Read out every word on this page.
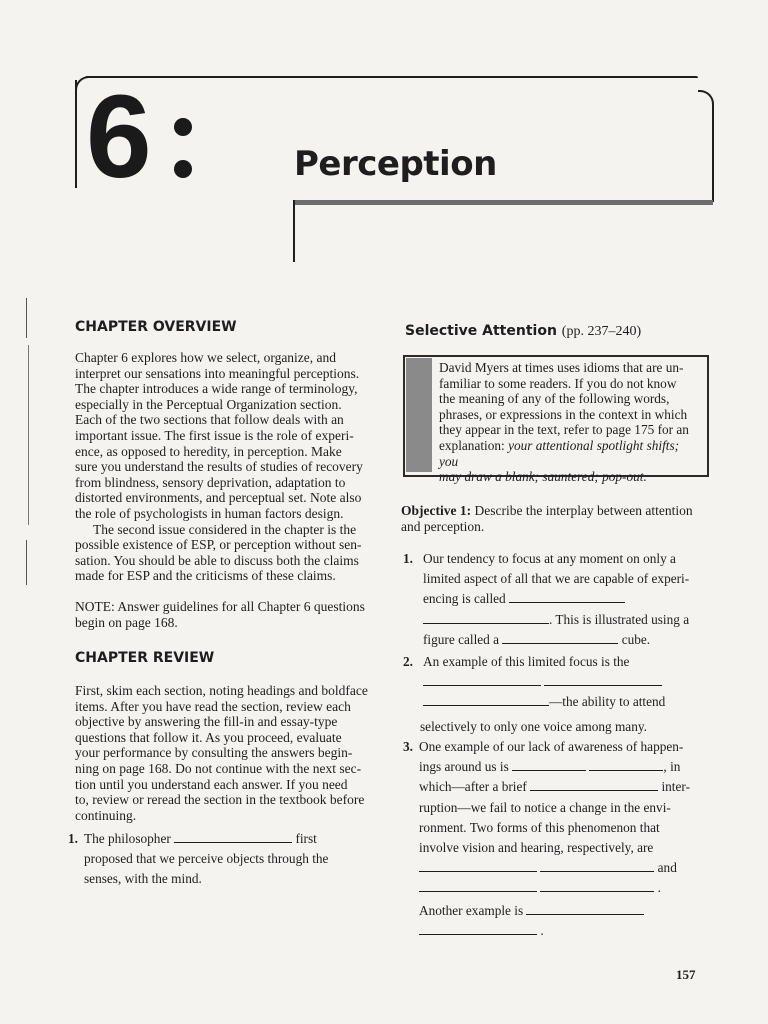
6	Perception
CHAPTER OVERVIEW

Chapter 6 explores how we select, organize, and

interpret our sensations into meaningful perceptions.

The chapter introduces a wide range of terminology,

especially in the Perceptual Organization section.

Each of the two sections that follow deals with an

important issue. The first issue is the role of experi-

ence, as opposed to heredity, in perception. Make

sure you understand the results of studies of recovery

from blindness, sensory deprivation, adaptation to

distorted environments, and perceptual set. Note also

the role of psychologists in human factors design.

The second issue considered in the chapter is the

possible existence of ESP, or perception without sen-

sation. You should be able to discuss both the claims

made for ESP and the criticisms of these claims.

NOTE: Answer guidelines for all Chapter 6 questions

begin on page 168.

CHAPTER REVIEW

First, skim each section, noting headings and boldface

items. After you have read the section, review each

objective by answering the fill-in and essay-type

questions that follow it. As you proceed, evaluate

your performance by consulting the answers begin-

ning on page 168. Do not continue with the next sec-

tion until you understand each answer. If you need

to, review or reread the section in the textbook before

continuing.

1. The philosopher	first
proposed that we perceive objects through the
senses, with the mind.
Selective Attention (pp. 237–240)
David Myers at times uses idioms that are un-
familiar to some readers. If you do not know
the meaning of any of the following words,
phrases, or expressions in the context in which
they appear in the text, refer to page 175 for an
explanation: your attentional spotlight shifts; you
may draw a blank; sauntered; pop-out.

Objective 1: Describe the interplay between attention

and perception.

1. Our tendency to focus at any moment on only a
limited aspect of all that we are capable of experi-
encing is called
. This is illustrated using a
figure called a	cube.
2. An example of this limited focus is the

—the ability to attend
selectively to only one voice among many.
3. One example of our lack of awareness of happen-
ings around us is	, in
which—after a brief	inter-
ruption—we fail to notice a change in the envi-
ronment. Two forms of this phenomenon that
involve vision and hearing, respectively, are
and
.
Another example is
.
157
